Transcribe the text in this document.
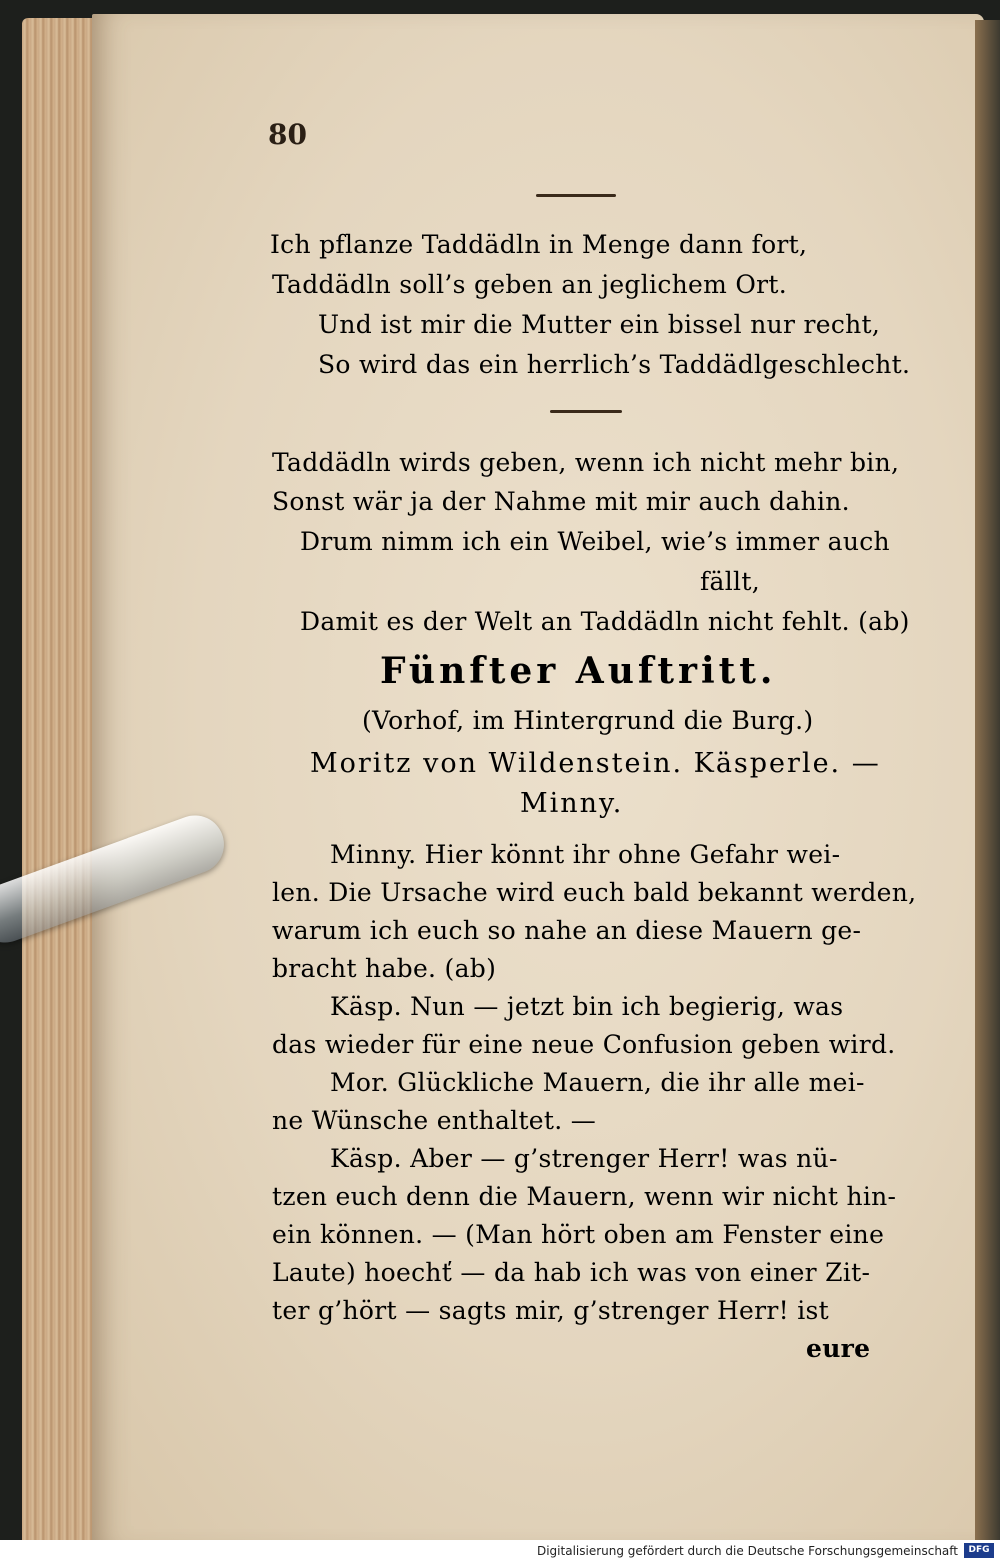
80
Ich pflanze Taddädln in Menge dann fort,
Taddädln soll’s geben an jeglichem Ort.
Und ist mir die Mutter ein bissel nur recht,
So wird das ein herrlich’s Taddädlgeschlecht.
Taddädln wirds geben, wenn ich nicht mehr bin,
Sonst wär ja der Nahme mit mir auch dahin.
Drum nimm ich ein Weibel, wie’s immer auch
fällt,
Damit es der Welt an Taddädln nicht fehlt. (ab)
Fünfter Auftritt.
(Vorhof, im Hintergrund die Burg.)
Moritz von Wildenstein. Käsperle. —
Minny.
Minny. Hier könnt ihr ohne Gefahr wei-
len. Die Ursache wird euch bald bekannt werden,
warum ich euch so nahe an diese Mauern ge-
bracht habe. (ab)
Käsp. Nun — jetzt bin ich begierig, was
das wieder für eine neue Confusion geben wird.
Mor. Glückliche Mauern, die ihr alle mei-
ne Wünsche enthaltet. —
Käsp. Aber — g’strenger Herr! was nü-
tzen euch denn die Mauern, wenn wir nicht hin-
ein können. — (Man hört oben am Fenster eine
Laute) hoechť — da hab ich was von einer Zit-
ter g’hört — sagts mir, g’strenger Herr! ist
eure
Digitalisierung gefördert durch die Deutsche Forschungsgemeinschaft	DFG
